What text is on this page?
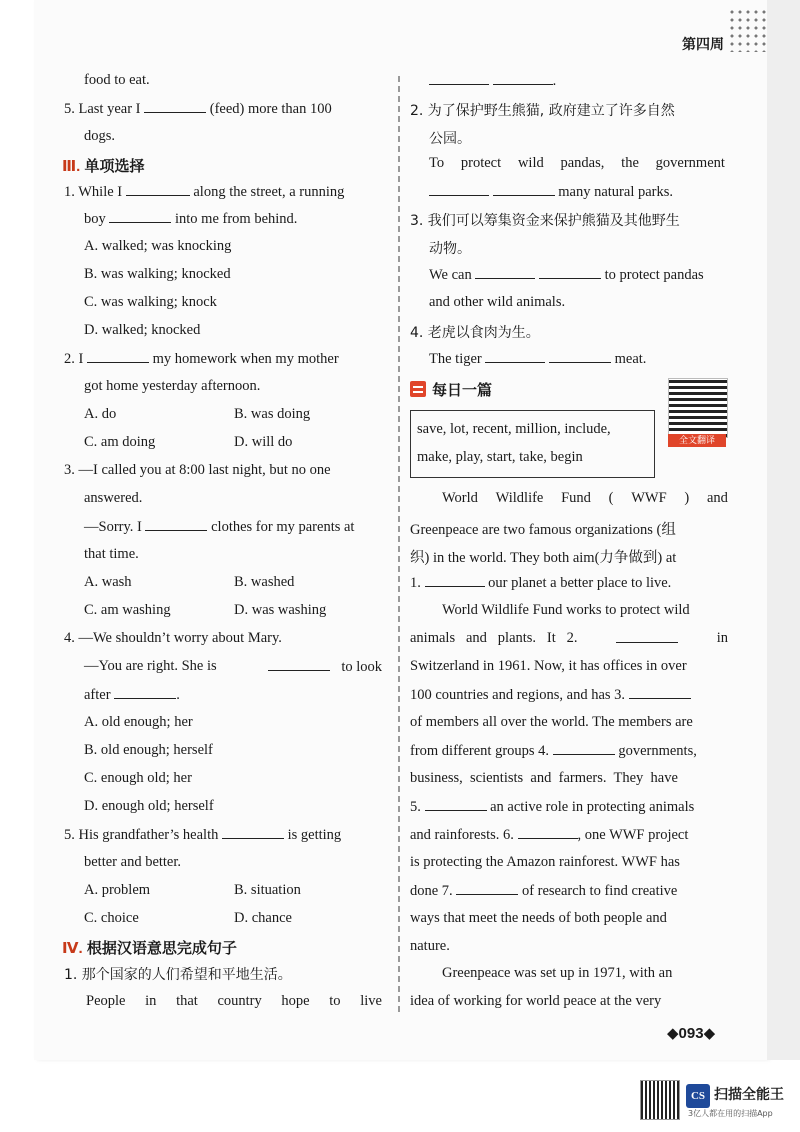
第四周
food to eat.
5. Last year I	(feed) more than 100
dogs.
Ⅲ. 单项选择
1. While I	along the street, a running
boy	into me from behind.
A. walked; was knocking
B. was walking; knocked
C. was walking; knock
D. walked; knocked
2. I	my homework when my mother
got home yesterday afternoon.
A. do	B. was doing
C. am doing	D. will do
3. —I called you at 8:00 last night, but no one
answered.
—Sorry. I	clothes for my parents at
that time.
A. wash	B. washed
C. am washing	D. was washing
4. —We shouldn’t worry about Mary.
—You are right. She is	to look
after	.
A. old enough; her
B. old enough; herself
C. enough old; her
D. enough old; herself
5. His grandfather’s health	is getting
better and better.
A. problem	B. situation
C. choice	D. chance
Ⅳ. 根据汉语意思完成句子
1. 那个国家的人们希望和平地生活。
People in that country hope to live
.
2. 为了保护野生熊猫, 政府建立了许多自然
公园。
To protect wild pandas, the government
many natural parks.
3. 我们可以筹集资金来保护熊猫及其他野生
动物。
We can	to protect pandas
and other wild animals.
4. 老虎以食肉为生。
The tiger	meat.
每日一篇
全文翻译
save, lot, recent, million, include,
make, play, start, take, begin
World Wildlife Fund ( WWF ) and
Greenpeace are two famous organizations (组
织) in the world. They both aim(力争做到) at
1.	our planet a better place to live.
World Wildlife Fund works to protect wild
animals   and   plants.   It   2.	in
Switzerland in 1961. Now, it has offices in over
100 countries and regions, and has 3.
of members all over the world. The members are
from different groups 4.	governments,
business,  scientists  and  farmers.  They  have
5.	an active role in protecting animals
and rainforests. 6.	, one WWF project
is protecting the Amazon rainforest. WWF has
done 7.	of research to find creative
ways that meet the needs of both people and
nature.
Greenpeace was set up in 1971, with an
idea of working for world peace at the very
◆093◆
CS 扫描全能王
3亿人都在用的扫描App
